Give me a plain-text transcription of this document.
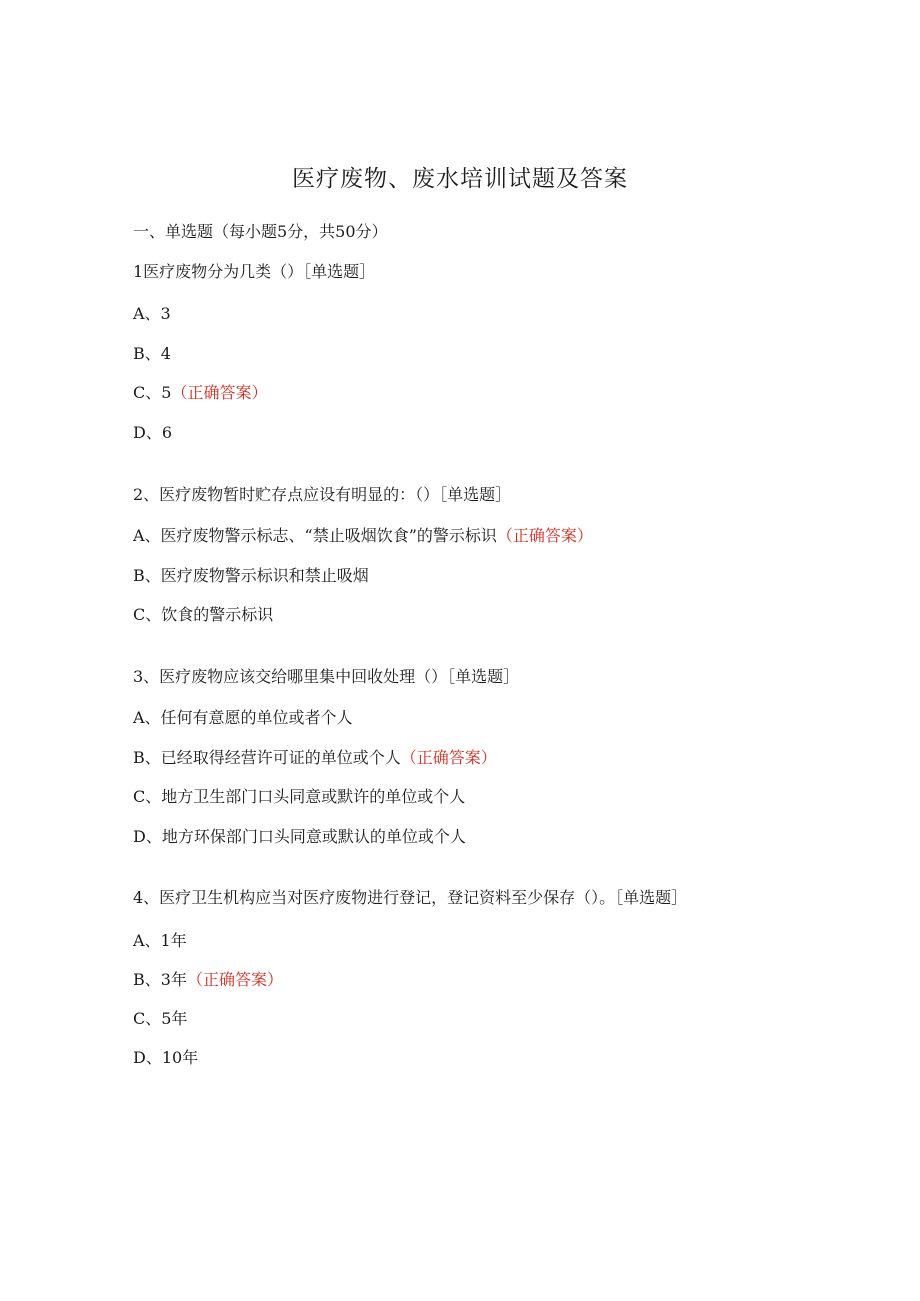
医疗废物、废水培训试题及答案
一、单选题（每小题5分，共50分）
1医疗废物分为几类（）［单选题］
A、3
B、4
C、5（正确答案）
D、6
2、医疗废物暂时贮存点应设有明显的：（）［单选题］
A、医疗废物警示标志、“禁止吸烟饮食”的警示标识（正确答案）
B、医疗废物警示标识和禁止吸烟
C、饮食的警示标识
3、医疗废物应该交给哪里集中回收处理（）［单选题］
A、任何有意愿的单位或者个人
B、已经取得经营许可证的单位或个人（正确答案）
C、地方卫生部门口头同意或默许的单位或个人
D、地方环保部门口头同意或默认的单位或个人
4、医疗卫生机构应当对医疗废物进行登记，登记资料至少保存（）。［单选题］
A、1年
B、3年（正确答案）
C、5年
D、10年
